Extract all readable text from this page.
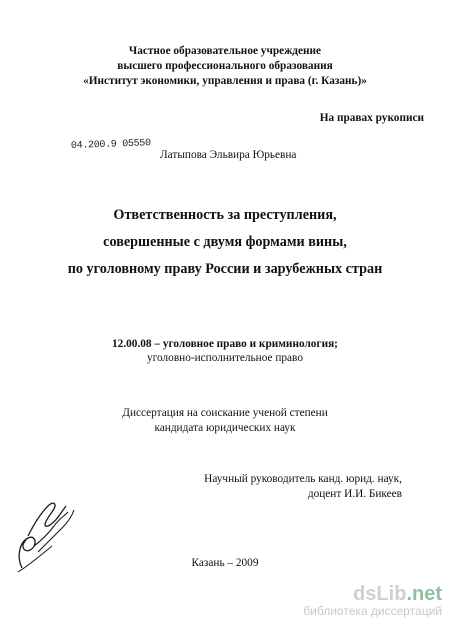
Частное образовательное учреждение
высшего профессионального образования
«Институт экономики, управления и права (г. Казань)»
На правах рукописи
04.200.9 05550
Латыпова Эльвира Юрьевна
Ответственность за преступления,
совершенные с двумя формами вины,
по уголовному праву России и зарубежных стран
12.00.08 – уголовное право и криминология;
уголовно-исполнительное право
Диссертация на соискание ученой степени
кандидата юридических наук
Научный руководитель канд. юрид. наук,
доцент И.И. Бикеев
Казань – 2009
dsLib.net
библиотека диссертаций
